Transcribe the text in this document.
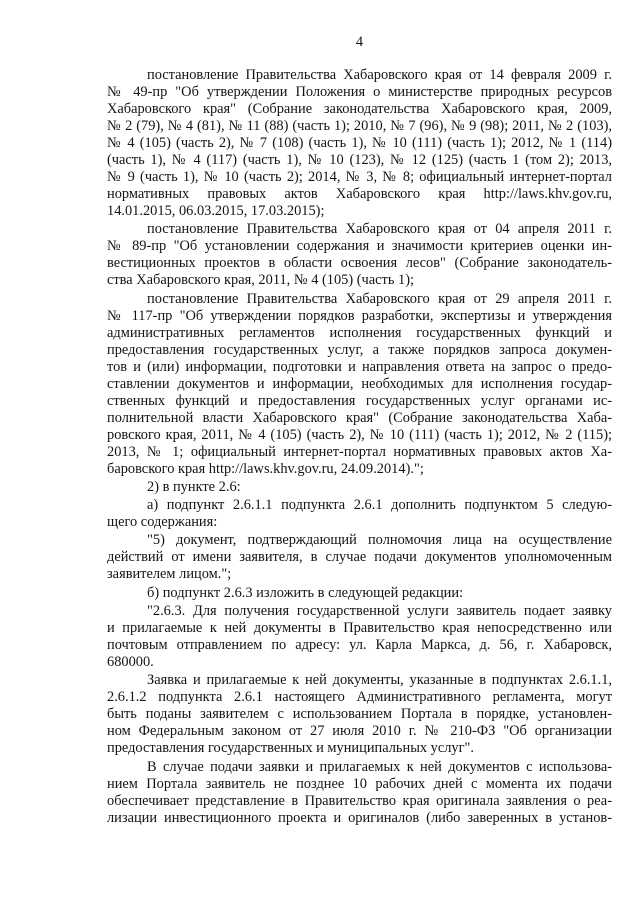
4
постановление Правительства Хабаровского края от 14 февраля 2009 г.
№ 49-пр "Об утверждении Положения о министерстве природных ресурсов
Хабаровского края" (Собрание законодательства Хабаровского края, 2009,
№ 2 (79), № 4 (81), № 11 (88) (часть 1); 2010, № 7 (96), № 9 (98); 2011, № 2 (103),
№ 4 (105) (часть 2), № 7 (108) (часть 1), № 10 (111) (часть 1); 2012, № 1 (114)
(часть 1), № 4 (117) (часть 1), № 10 (123), № 12 (125) (часть 1 (том 2); 2013,
№ 9 (часть 1), № 10 (часть 2); 2014, № 3, № 8; официальный интернет-портал
нормативных правовых актов Хабаровского края http://laws.khv.gov.ru,
14.01.2015, 06.03.2015, 17.03.2015);
постановление Правительства Хабаровского края от 04 апреля 2011 г.
№ 89-пр "Об установлении содержания и значимости критериев оценки ин-
вестиционных проектов в области освоения лесов" (Собрание законодатель-
ства Хабаровского края, 2011, № 4 (105) (часть 1);
постановление Правительства Хабаровского края от 29 апреля 2011 г.
№ 117-пр "Об утверждении порядков разработки, экспертизы и утверждения
административных регламентов исполнения государственных функций и
предоставления государственных услуг, а также порядков запроса докумен-
тов и (или) информации, подготовки и направления ответа на запрос о предо-
ставлении документов и информации, необходимых для исполнения государ-
ственных функций и предоставления государственных услуг органами ис-
полнительной власти Хабаровского края" (Собрание законодательства Хаба-
ровского края, 2011, № 4 (105) (часть 2), № 10 (111) (часть 1); 2012, № 2 (115);
2013, № 1; официальный интернет-портал нормативных правовых актов Ха-
баровского края http://laws.khv.gov.ru, 24.09.2014).";
2) в пункте 2.6:
а) подпункт 2.6.1.1 подпункта 2.6.1 дополнить подпунктом 5 следую-
щего содержания:
"5) документ, подтверждающий полномочия лица на осуществление
действий от имени заявителя, в случае подачи документов уполномоченным
заявителем лицом.";
б) подпункт 2.6.3 изложить в следующей редакции:
"2.6.3. Для получения государственной услуги заявитель подает заявку
и прилагаемые к ней документы в Правительство края непосредственно или
почтовым отправлением по адресу: ул. Карла Маркса, д. 56, г. Хабаровск,
680000.
Заявка и прилагаемые к ней документы, указанные в подпунктах 2.6.1.1,
2.6.1.2 подпункта 2.6.1 настоящего Административного регламента, могут
быть поданы заявителем с использованием Портала в порядке, установлен-
ном Федеральным законом от 27 июля 2010 г. № 210-ФЗ "Об организации
предоставления государственных и муниципальных услуг".
В случае подачи заявки и прилагаемых к ней документов с использова-
нием Портала заявитель не позднее 10 рабочих дней с момента их подачи
обеспечивает представление в Правительство края оригинала заявления о реа-
лизации инвестиционного проекта и оригиналов (либо заверенных в установ-
